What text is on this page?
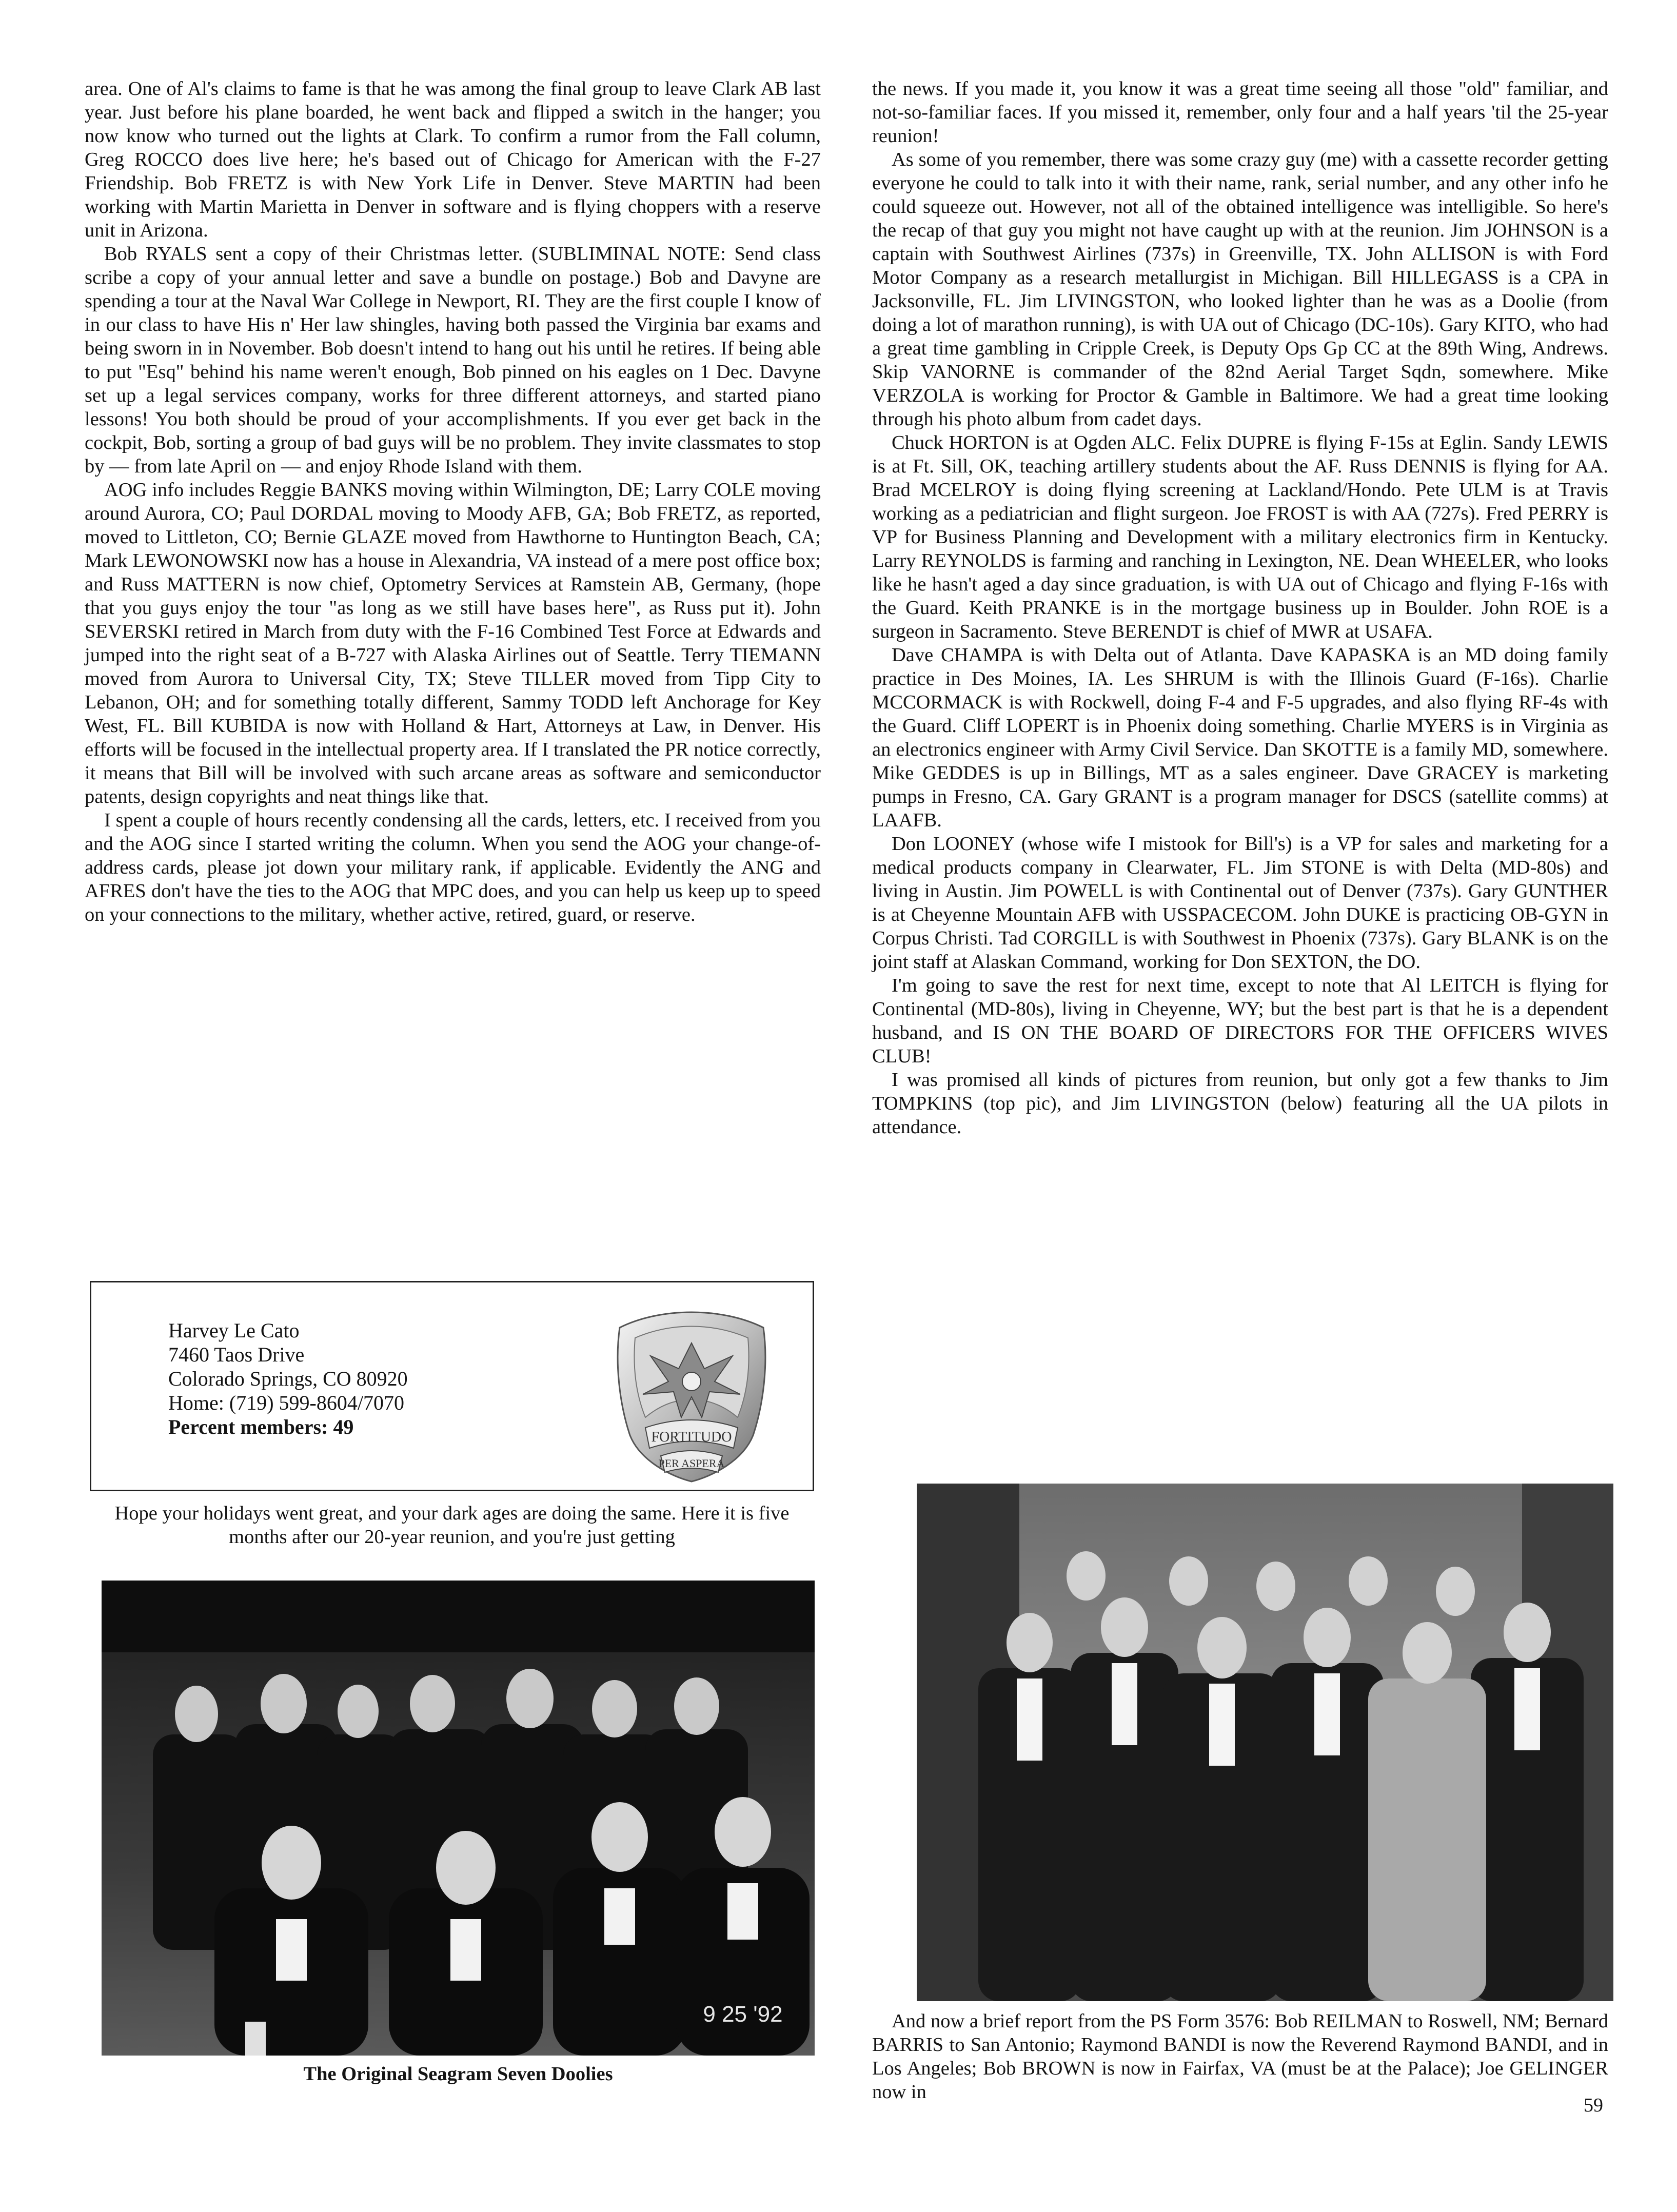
area. One of Al's claims to fame is that he was among the final group to leave Clark AB last year. Just before his plane boarded, he went back and flipped a switch in the hanger; you now know who turned out the lights at Clark. To confirm a rumor from the Fall column, Greg ROCCO does live here; he's based out of Chicago for American with the F-27 Friendship. Bob FRETZ is with New York Life in Denver. Steve MARTIN had been working with Martin Marietta in Denver in software and is flying choppers with a reserve unit in Arizona.

Bob RYALS sent a copy of their Christmas letter. (SUBLIMINAL NOTE: Send class scribe a copy of your annual letter and save a bundle on postage.) Bob and Davyne are spending a tour at the Naval War College in Newport, RI. They are the first couple I know of in our class to have His n' Her law shingles, having both passed the Virginia bar exams and being sworn in in November. Bob doesn't intend to hang out his until he retires. If being able to put "Esq" behind his name weren't enough, Bob pinned on his eagles on 1 Dec. Davyne set up a legal services company, works for three different attorneys, and started piano lessons! You both should be proud of your accomplishments. If you ever get back in the cockpit, Bob, sorting a group of bad guys will be no problem. They invite classmates to stop by — from late April on — and enjoy Rhode Island with them.

AOG info includes Reggie BANKS moving within Wilmington, DE; Larry COLE moving around Aurora, CO; Paul DORDAL moving to Moody AFB, GA; Bob FRETZ, as reported, moved to Littleton, CO; Bernie GLAZE moved from Hawthorne to Huntington Beach, CA; Mark LEWONOWSKI now has a house in Alexandria, VA instead of a mere post office box; and Russ MATTERN is now chief, Optometry Services at Ramstein AB, Germany, (hope that you guys enjoy the tour "as long as we still have bases here", as Russ put it). John SEVERSKI retired in March from duty with the F-16 Combined Test Force at Edwards and jumped into the right seat of a B-727 with Alaska Airlines out of Seattle. Terry TIEMANN moved from Aurora to Universal City, TX; Steve TILLER moved from Tipp City to Lebanon, OH; and for something totally different, Sammy TODD left Anchorage for Key West, FL. Bill KUBIDA is now with Holland & Hart, Attorneys at Law, in Denver. His efforts will be focused in the intellectual property area. If I translated the PR notice correctly, it means that Bill will be involved with such arcane areas as software and semiconductor patents, design copyrights and neat things like that.

I spent a couple of hours recently condensing all the cards, letters, etc. I received from you and the AOG since I started writing the column. When you send the AOG your change-of-address cards, please jot down your military rank, if applicable. Evidently the ANG and AFRES don't have the ties to the AOG that MPC does, and you can help us keep up to speed on your connections to the military, whether active, retired, guard, or reserve.

Harvey Le Cato
7460 Taos Drive
Colorado Springs, CO 80920
Home: (719) 599-8604/7070
Percent members: 49	FORTITUDO
PER ASPERA
Hope your holidays went great, and your dark ages are doing the same. Here it is five months after our 20-year reunion, and you're just getting
9 25 '92
The Original Seagram Seven Doolies

the news. If you made it, you know it was a great time seeing all those "old" familiar, and not-so-familiar faces. If you missed it, remember, only four and a half years 'til the 25-year reunion!

As some of you remember, there was some crazy guy (me) with a cassette recorder getting everyone he could to talk into it with their name, rank, serial number, and any other info he could squeeze out. However, not all of the obtained intelligence was intelligible. So here's the recap of that guy you might not have caught up with at the reunion. Jim JOHNSON is a captain with Southwest Airlines (737s) in Greenville, TX. John ALLISON is with Ford Motor Company as a research metallurgist in Michigan. Bill HILLEGASS is a CPA in Jacksonville, FL. Jim LIVINGSTON, who looked lighter than he was as a Doolie (from doing a lot of marathon running), is with UA out of Chicago (DC-10s). Gary KITO, who had a great time gambling in Cripple Creek, is Deputy Ops Gp CC at the 89th Wing, Andrews. Skip VANORNE is commander of the 82nd Aerial Target Sqdn, somewhere. Mike VERZOLA is working for Proctor & Gamble in Baltimore. We had a great time looking through his photo album from cadet days.

Chuck HORTON is at Ogden ALC. Felix DUPRE is flying F-15s at Eglin. Sandy LEWIS is at Ft. Sill, OK, teaching artillery students about the AF. Russ DENNIS is flying for AA. Brad MCELROY is doing flying screening at Lackland/Hondo. Pete ULM is at Travis working as a pediatrician and flight surgeon. Joe FROST is with AA (727s). Fred PERRY is VP for Business Planning and Development with a military electronics firm in Kentucky. Larry REYNOLDS is farming and ranching in Lexington, NE. Dean WHEELER, who looks like he hasn't aged a day since graduation, is with UA out of Chicago and flying F-16s with the Guard. Keith PRANKE is in the mortgage business up in Boulder. John ROE is a surgeon in Sacramento. Steve BERENDT is chief of MWR at USAFA.

Dave CHAMPA is with Delta out of Atlanta. Dave KAPASKA is an MD doing family practice in Des Moines, IA. Les SHRUM is with the Illinois Guard (F-16s). Charlie MCCORMACK is with Rockwell, doing F-4 and F-5 upgrades, and also flying RF-4s with the Guard. Cliff LOPERT is in Phoenix doing something. Charlie MYERS is in Virginia as an electronics engineer with Army Civil Service. Dan SKOTTE is a family MD, somewhere. Mike GEDDES is up in Billings, MT as a sales engineer. Dave GRACEY is marketing pumps in Fresno, CA. Gary GRANT is a program manager for DSCS (satellite comms) at LAAFB.

Don LOONEY (whose wife I mistook for Bill's) is a VP for sales and marketing for a medical products company in Clearwater, FL. Jim STONE is with Delta (MD-80s) and living in Austin. Jim POWELL is with Continental out of Denver (737s). Gary GUNTHER is at Cheyenne Mountain AFB with USSPACECOM. John DUKE is practicing OB-GYN in Corpus Christi. Tad CORGILL is with Southwest in Phoenix (737s). Gary BLANK is on the joint staff at Alaskan Command, working for Don SEXTON, the DO.

I'm going to save the rest for next time, except to note that Al LEITCH is flying for Continental (MD-80s), living in Cheyenne, WY; but the best part is that he is a dependent husband, and IS ON THE BOARD OF DIRECTORS FOR THE OFFICERS WIVES CLUB!

I was promised all kinds of pictures from reunion, but only got a few thanks to Jim TOMPKINS (top pic), and Jim LIVINGSTON (below) featuring all the UA pilots in attendance.

And now a brief report from the PS Form 3576: Bob REILMAN to Roswell, NM; Bernard BARRIS to San Antonio; Raymond BANDI is now the Reverend Raymond BANDI, and in Los Angeles; Bob BROWN is now in Fairfax, VA (must be at the Palace); Joe GELINGER now in

59
